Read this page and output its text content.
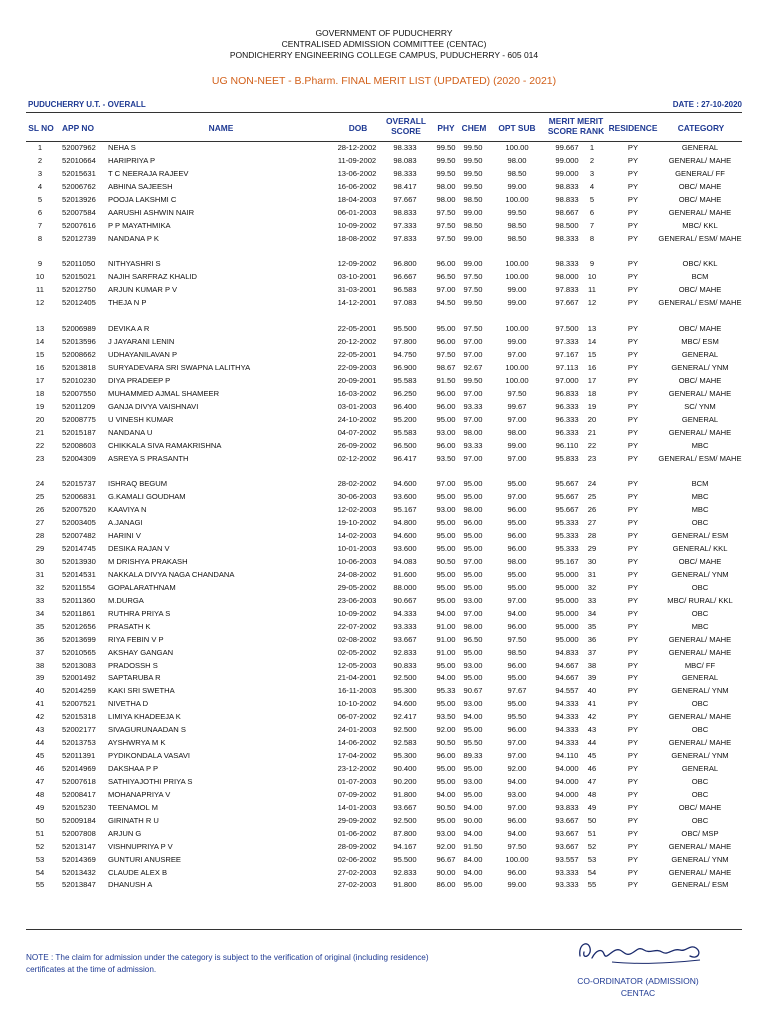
GOVERNMENT OF PUDUCHERRY
CENTRALISED ADMISSION COMMITTEE (CENTAC)
PONDICHERRY ENGINEERING COLLEGE CAMPUS, PUDUCHERRY - 605 014
UG NON-NEET - B.Pharm. FINAL MERIT LIST (UPDATED) (2020 - 2021)
PUDUCHERRY U.T. - OVERALL	DATE : 27-10-2020
SL NO APP NO	NAME	DOB
OVERALL
SCORE	PHY CHEM	OPT SUB
MERIT MERIT
SCORE RANK RESIDENCE	CATEGORY
1	52007962 NEHA S	28-12-2002	98.333	99.50	99.50	100.00	99.667	1	PY	GENERAL
2	52010664 HARIPRIYA P	11-09-2002	98.083	99.50	99.50	98.00	99.000	2	PY	GENERAL/ MAHE
3	52015631 T C NEERAJA RAJEEV	13-06-2002	98.333	99.50	99.50	98.50	99.000	3	PY	GENERAL/ FF
4	52006762 ABHINA SAJEESH	16-06-2002	98.417	98.00	99.50	99.00	98.833	4	PY	OBC/ MAHE
5	52013926 POOJA LAKSHMI C	18-04-2003	97.667	98.00	98.50	100.00	98.833	5	PY	OBC/ MAHE
6	52007584 AARUSHI ASHWIN NAIR	06-01-2003	98.833	97.50	99.00	99.50	98.667	6	PY	GENERAL/ MAHE
7	52007616 P P MAYATHMIKA	10-09-2002	97.333	97.50	98.50	98.50	98.500	7	PY	MBC/ KKL
8	52012739 NANDANA P K	18-08-2002	97.833	97.50	99.00	98.50	98.333	8	PY	GENERAL/ ESM/ MAHE
9	52011050 NITHYASHRI S	12-09-2002	96.800	96.00	99.00	100.00	98.333	9	PY	OBC/ KKL
10	52015021 NAJIH SARFRAZ KHALID	03-10-2001	96.667	96.50	97.50	100.00	98.000	10	PY	BCM
11	52012750 ARJUN KUMAR P V	31-03-2001	96.583	97.00	97.50	99.00	97.833	11	PY	OBC/ MAHE
12	52012405 THEJA N P	14-12-2001	97.083	94.50	99.50	99.00	97.667	12	PY	GENERAL/ ESM/ MAHE
13	52006989 DEVIKA A R	22-05-2001	95.500	95.00	97.50	100.00	97.500	13	PY	OBC/ MAHE
14	52013596 J JAYARANI LENIN	20-12-2002	97.800	96.00	97.00	99.00	97.333	14	PY	MBC/ ESM
15	52008662 UDHAYANILAVAN P	22-05-2001	94.750	97.50	97.00	97.00	97.167	15	PY	GENERAL
16	52013818 SURYADEVARA SRI SWAPNA LALITHYA	22-09-2003	96.900	98.67	92.67	100.00	97.113	16	PY	GENERAL/ YNM
17	52010230 DIYA PRADEEP P	20-09-2001	95.583	91.50	99.50	100.00	97.000	17	PY	OBC/ MAHE
18	52007550 MUHAMMED AJMAL SHAMEER	16-03-2002	96.250	96.00	97.00	97.50	96.833	18	PY	GENERAL/ MAHE
19	52011209 GANJA DIVYA VAISHNAVI	03-01-2003	96.400	96.00	93.33	99.67	96.333	19	PY	SC/ YNM
20	52008775 U VINESH KUMAR	24-10-2002	95.200	95.00	97.00	97.00	96.333	20	PY	GENERAL
21	52015187 NANDANA U	04-07-2002	95.583	93.00	98.00	98.00	96.333	21	PY	GENERAL/ MAHE
22	52008603 CHIKKALA SIVA RAMAKRISHNA	26-09-2002	96.500	96.00	93.33	99.00	96.110	22	PY	MBC
23	52004309 ASREYA S PRASANTH	02-12-2002	96.417	93.50	97.00	97.00	95.833	23	PY	GENERAL/ ESM/ MAHE
24	52015737 ISHRAQ BEGUM	28-02-2002	94.600	97.00	95.00	95.00	95.667	24	PY	BCM
25	52006831 G.KAMALI GOUDHAM	30-06-2003	93.600	95.00	95.00	97.00	95.667	25	PY	MBC
26	52007520 KAAVIYA N	12-02-2003	95.167	93.00	98.00	96.00	95.667	26	PY	MBC
27	52003405 A.JANAGI	19-10-2002	94.800	95.00	96.00	95.00	95.333	27	PY	OBC
28	52007482 HARINI V	14-02-2003	94.600	95.00	95.00	96.00	95.333	28	PY	GENERAL/ ESM
29	52014745 DESIKA RAJAN V	10-01-2003	93.600	95.00	95.00	96.00	95.333	29	PY	GENERAL/ KKL
30	52013930 M DRISHYA PRAKASH	10-06-2003	94.083	90.50	97.00	98.00	95.167	30	PY	OBC/ MAHE
31	52014531 NAKKALA DIVYA NAGA CHANDANA	24-08-2002	91.600	95.00	95.00	95.00	95.000	31	PY	GENERAL/ YNM
32	52011554 GOPALARATHNAM	29-05-2002	88.000	95.00	95.00	95.00	95.000	32	PY	OBC
33	52011360 M.DURGA	23-06-2003	90.667	95.00	93.00	97.00	95.000	33	PY	MBC/ RURAL/ KKL
34	52011861 RUTHRA PRIYA S	10-09-2002	94.333	94.00	97.00	94.00	95.000	34	PY	OBC
35	52012656 PRASATH K	22-07-2002	93.333	91.00	98.00	96.00	95.000	35	PY	MBC
36	52013699 RIYA FEBIN V P	02-08-2002	93.667	91.00	96.50	97.50	95.000	36	PY	GENERAL/ MAHE
37	52010565 AKSHAY GANGAN	02-05-2002	92.833	91.00	95.00	98.50	94.833	37	PY	GENERAL/ MAHE
38	52013083 PRADOSSH S	12-05-2003	90.833	95.00	93.00	96.00	94.667	38	PY	MBC/ FF
39	52001492 SAPTARUBA R	21-04-2001	92.500	94.00	95.00	95.00	94.667	39	PY	GENERAL
40	52014259 KAKI SRI SWETHA	16-11-2003	95.300	95.33	90.67	97.67	94.557	40	PY	GENERAL/ YNM
41	52007521 NIVETHA D	10-10-2002	94.600	95.00	93.00	95.00	94.333	41	PY	OBC
42	52015318 LIMIYA KHADEEJA K	06-07-2002	92.417	93.50	94.00	95.50	94.333	42	PY	GENERAL/ MAHE
43	52002177 SIVAGURUNAADAN S	24-01-2003	92.500	92.00	95.00	96.00	94.333	43	PY	OBC
44	52013753 AYSHWRYA M K	14-06-2002	92.583	90.50	95.50	97.00	94.333	44	PY	GENERAL/ MAHE
45	52011391 PYDIKONDALA VASAVI	17-04-2002	95.300	96.00	89.33	97.00	94.110	45	PY	GENERAL/ YNM
46	52014969 DAKSHAA P P	23-12-2002	90.400	95.00	95.00	92.00	94.000	46	PY	GENERAL
47	52007618 SATHIYAJOTHI PRIYA S	01-07-2003	90.200	95.00	93.00	94.00	94.000	47	PY	OBC
48	52008417 MOHANAPRIYA V	07-09-2002	91.800	94.00	95.00	93.00	94.000	48	PY	OBC
49	52015230 TEENAMOL M	14-01-2003	93.667	90.50	94.00	97.00	93.833	49	PY	OBC/ MAHE
50	52009184 GIRINATH R U	29-09-2002	92.500	95.00	90.00	96.00	93.667	50	PY	OBC
51	52007808 ARJUN G	01-06-2002	87.800	93.00	94.00	94.00	93.667	51	PY	OBC/ MSP
52	52013147 VISHNUPRIYA P V	28-09-2002	94.167	92.00	91.50	97.50	93.667	52	PY	GENERAL/ MAHE
53	52014369 GUNTURI ANUSREE	02-06-2002	95.500	96.67	84.00	100.00	93.557	53	PY	GENERAL/ YNM
54	52013432 CLAUDE ALEX B	27-02-2003	92.833	90.00	94.00	96.00	93.333	54	PY	GENERAL/ MAHE
55	52013847 DHANUSH A	27-02-2003	91.800	86.00	95.00	99.00	93.333	55	PY	GENERAL/ ESM
NOTE : The claim for admission under the category is subject to the verification of original (including residence)
certificates at the time of admission.
CO-ORDINATOR (ADMISSION)
CENTAC
